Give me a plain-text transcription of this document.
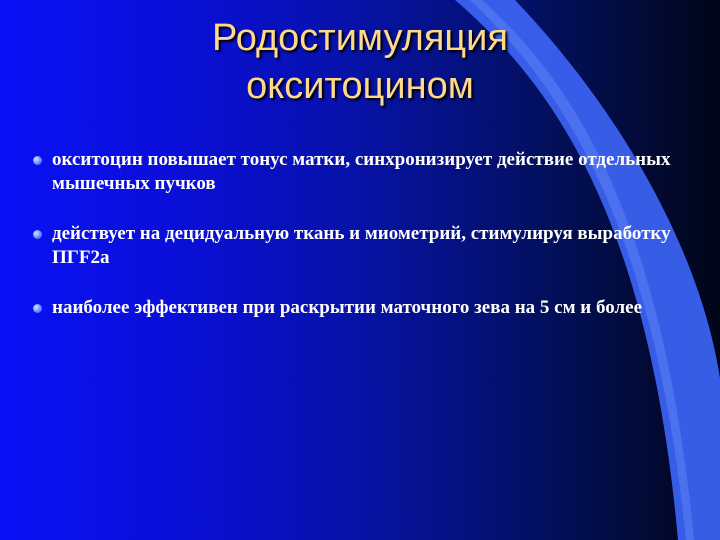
Родостимуляция
окситоцином
окситоцин повышает тонус матки, синхронизирует действие отдельных мышечных пучков
действует на децидуальную ткань и миометрий, стимулируя выработку ПГF2a
наиболее эффективен при раскрытии маточного зева на 5 см и более
